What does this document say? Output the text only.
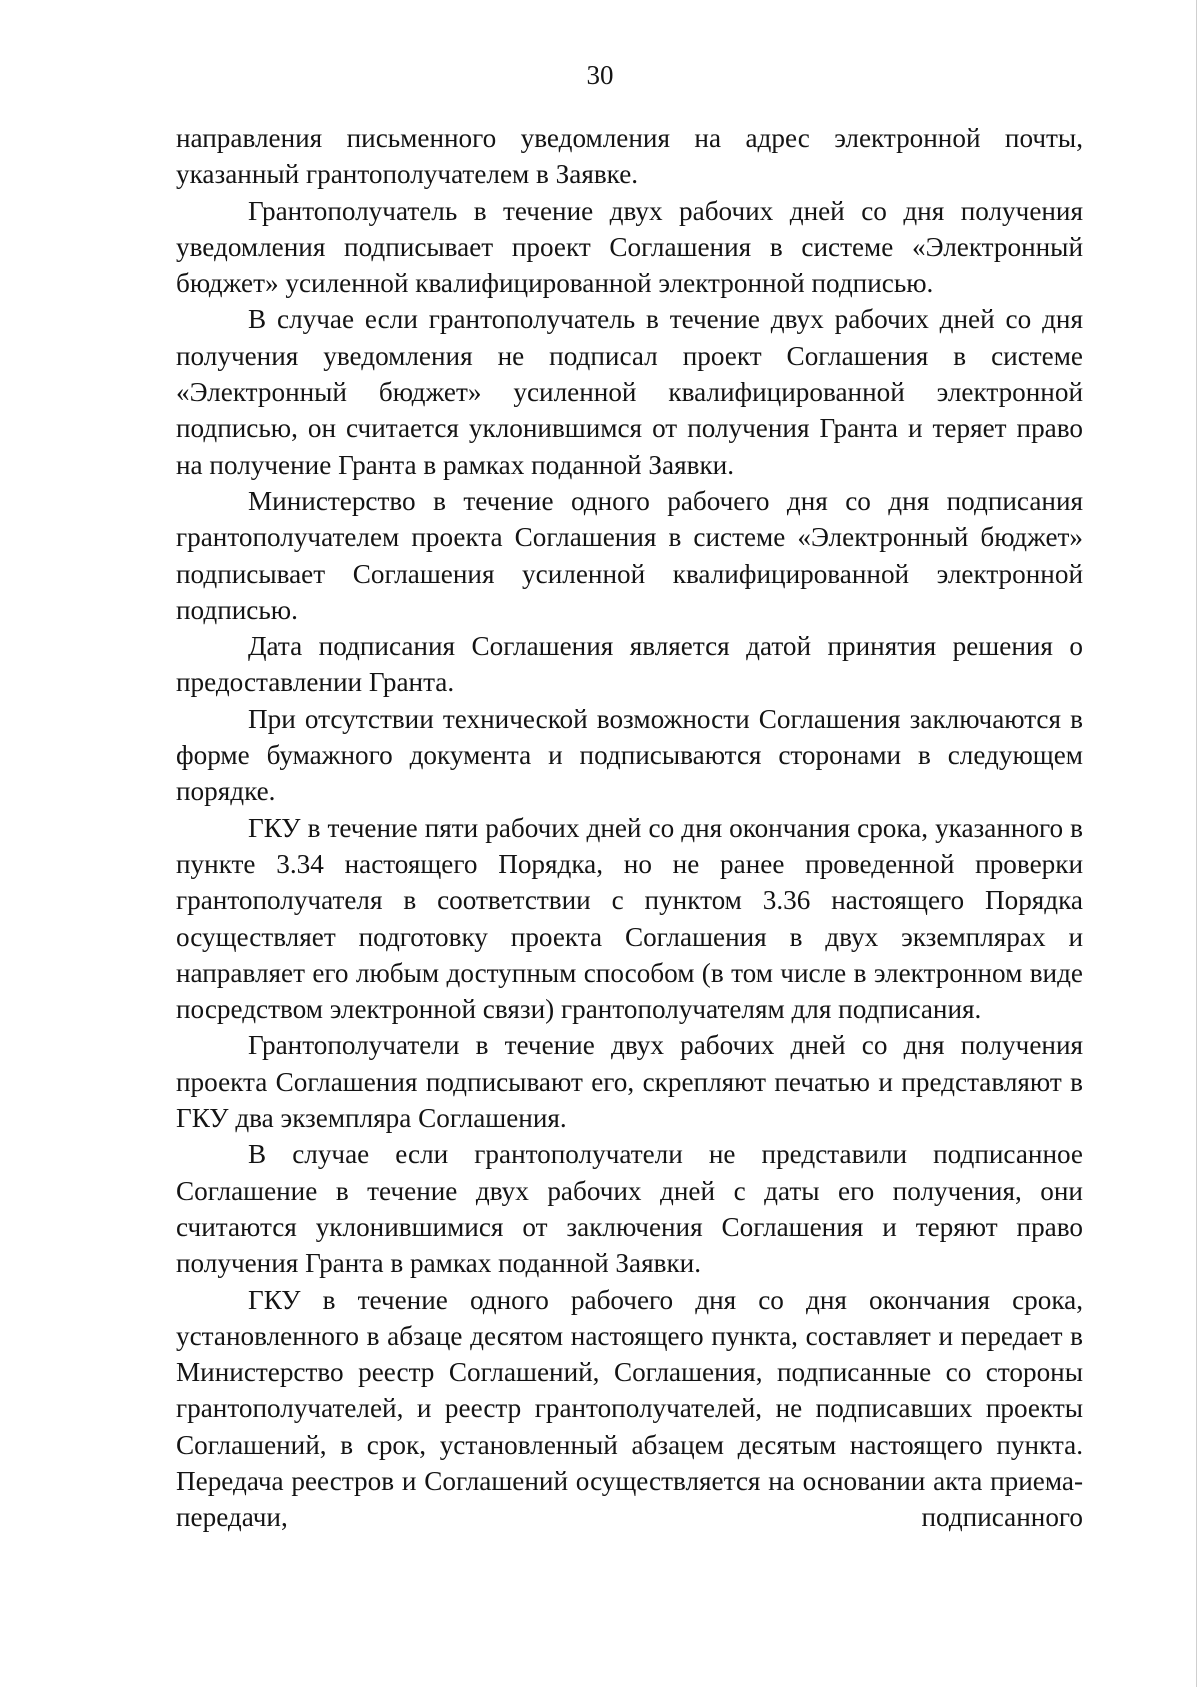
30

направления письменного уведомления на адрес электронной почты, указанный грантополучателем в Заявке.

Грантополучатель в течение двух рабочих дней со дня получения уведомления подписывает проект Соглашения в системе «Электронный бюджет» усиленной квалифицированной электронной подписью.

В случае если грантополучатель в течение двух рабочих дней со дня получения уведомления не подписал проект Соглашения в системе «Электронный бюджет» усиленной квалифицированной электронной подписью, он считается уклонившимся от получения Гранта и теряет право на получение Гранта в рамках поданной Заявки.

Министерство в течение одного рабочего дня со дня подписания грантополучателем проекта Соглашения в системе «Электронный бюджет» подписывает Соглашения усиленной квалифицированной электронной подписью.

Дата подписания Соглашения является датой принятия решения о предоставлении Гранта.

При отсутствии технической возможности Соглашения заключаются в форме бумажного документа и подписываются сторонами в следующем порядке.

ГКУ в течение пяти рабочих дней со дня окончания срока, указанного в пункте 3.34 настоящего Порядка, но не ранее проведенной проверки грантополучателя в соответствии с пунктом 3.36 настоящего Порядка осуществляет подготовку проекта Соглашения в двух экземплярах и направляет его любым доступным способом (в том числе в электронном виде посредством электронной связи) грантополучателям для подписания.

Грантополучатели в течение двух рабочих дней со дня получения проекта Соглашения подписывают его, скрепляют печатью и представляют в ГКУ два экземпляра Соглашения.

В случае если грантополучатели не представили подписанное Соглашение в течение двух рабочих дней с даты его получения, они считаются уклонившимися от заключения Соглашения и теряют право получения Гранта в рамках поданной Заявки.

ГКУ в течение одного рабочего дня со дня окончания срока, установленного в абзаце десятом настоящего пункта, составляет и передает в Министерство реестр Соглашений, Соглашения, подписанные со стороны грантополучателей, и реестр грантополучателей, не подписавших проекты Соглашений, в срок, установленный абзацем десятым настоящего пункта. Передача реестров и Соглашений осуществляется на основании акта приема-передачи, подписанного
